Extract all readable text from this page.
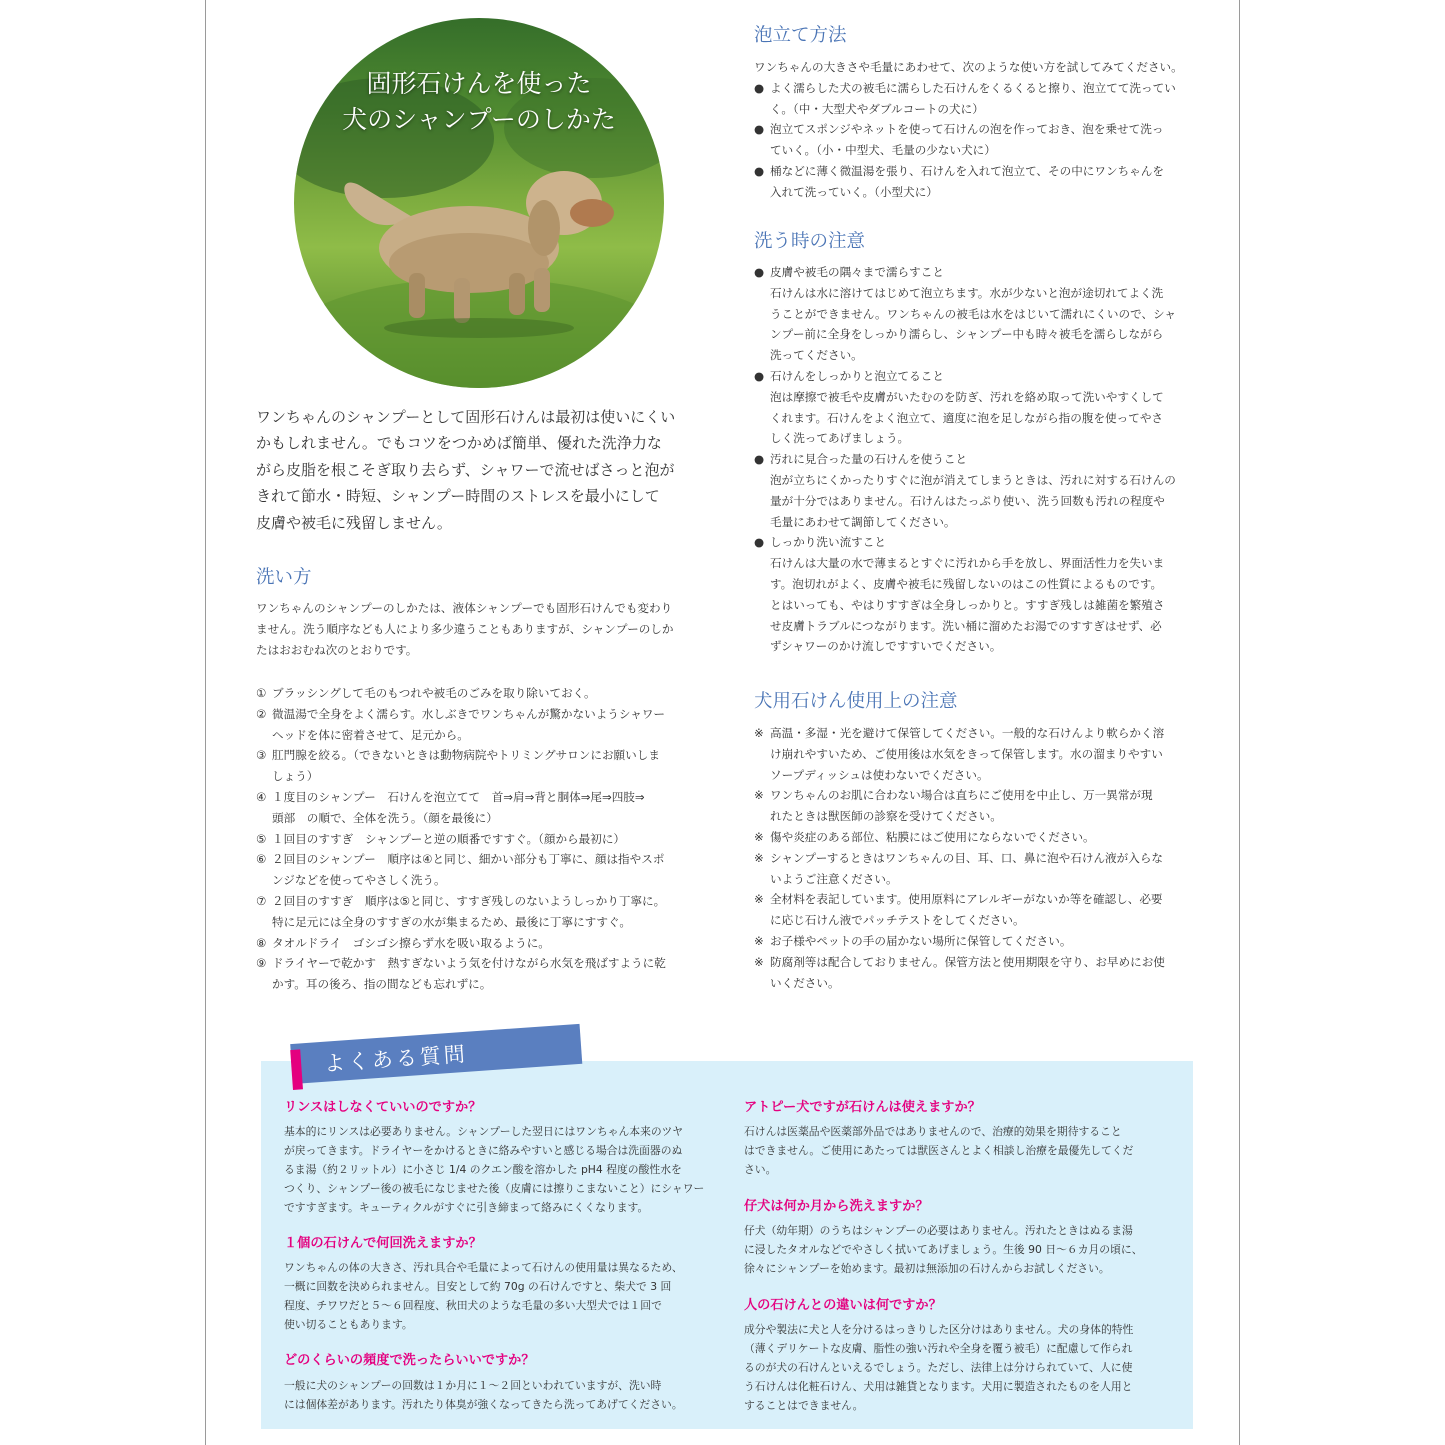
固形石けんを使った
犬のシャンプーのしかた
ワンちゃんのシャンプーとして固形石けんは最初は使いにくい
かもしれません。でもコツをつかめば簡単、優れた洗浄力な
がら皮脂を根こそぎ取り去らず、シャワーで流せばさっと泡が
きれて節水・時短、シャンプー時間のストレスを最小にして
皮膚や被毛に残留しません。
洗い方
ワンちゃんのシャンプーのしかたは、液体シャンプーでも固形石けんでも変わり
ません。洗う順序なども人により多少違うこともありますが、シャンプーのしか
たはおおむね次のとおりです。
① ブラッシングして毛のもつれや被毛のごみを取り除いておく。
② 微温湯で全身をよく濡らす。水しぶきでワンちゃんが驚かないようシャワー
ヘッドを体に密着させて、足元から。
③ 肛門腺を絞る。（できないときは動物病院やトリミングサロンにお願いしま
しょう）
④ １度目のシャンプー　石けんを泡立てて　首⇒肩⇒背と胴体⇒尾⇒四肢⇒
頭部　の順で、全体を洗う。（顔を最後に）
⑤ １回目のすすぎ　シャンプーと逆の順番ですすぐ。（顔から最初に）
⑥ ２回目のシャンプー　順序は④と同じ、細かい部分も丁寧に、顔は指やスポ
ンジなどを使ってやさしく洗う。
⑦ ２回目のすすぎ　順序は⑤と同じ、すすぎ残しのないようしっかり丁寧に。
特に足元には全身のすすぎの水が集まるため、最後に丁寧にすすぐ。
⑧ タオルドライ　ゴシゴシ擦らず水を吸い取るように。
⑨ ドライヤーで乾かす　熱すぎないよう気を付けながら水気を飛ばすように乾
かす。耳の後ろ、指の間なども忘れずに。
泡立て方法
ワンちゃんの大きさや毛量にあわせて、次のような使い方を試してみてください。
● よく濡らした犬の被毛に濡らした石けんをくるくると擦り、泡立てて洗ってい
く。（中・大型犬やダブルコートの犬に）
● 泡立てスポンジやネットを使って石けんの泡を作っておき、泡を乗せて洗っ
ていく。（小・中型犬、毛量の少ない犬に）
● 桶などに薄く微温湯を張り、石けんを入れて泡立て、その中にワンちゃんを
入れて洗っていく。（小型犬に）
洗う時の注意
● 皮膚や被毛の隅々まで濡らすこと
石けんは水に溶けてはじめて泡立ちます。水が少ないと泡が途切れてよく洗
うことができません。ワンちゃんの被毛は水をはじいて濡れにくいので、シャ
ンプー前に全身をしっかり濡らし、シャンプー中も時々被毛を濡らしながら
洗ってください。
● 石けんをしっかりと泡立てること
泡は摩擦で被毛や皮膚がいたむのを防ぎ、汚れを絡め取って洗いやすくして
くれます。石けんをよく泡立て、適度に泡を足しながら指の腹を使ってやさ
しく洗ってあげましょう。
● 汚れに見合った量の石けんを使うこと
泡が立ちにくかったりすぐに泡が消えてしまうときは、汚れに対する石けんの
量が十分ではありません。石けんはたっぷり使い、洗う回数も汚れの程度や
毛量にあわせて調節してください。
● しっかり洗い流すこと
石けんは大量の水で薄まるとすぐに汚れから手を放し、界面活性力を失いま
す。泡切れがよく、皮膚や被毛に残留しないのはこの性質によるものです。
とはいっても、やはりすすぎは全身しっかりと。すすぎ残しは雑菌を繁殖さ
せ皮膚トラブルにつながります。洗い桶に溜めたお湯でのすすぎはせず、必
ずシャワーのかけ流しですすいでください。
犬用石けん使用上の注意
※ 高温・多湿・光を避けて保管してください。一般的な石けんより軟らかく溶
け崩れやすいため、ご使用後は水気をきって保管します。水の溜まりやすい
ソープディッシュは使わないでください。
※ ワンちゃんのお肌に合わない場合は直ちにご使用を中止し、万一異常が現
れたときは獣医師の診察を受けてください。
※ 傷や炎症のある部位、粘膜にはご使用にならないでください。
※ シャンプーするときはワンちゃんの目、耳、口、鼻に泡や石けん液が入らな
いようご注意ください。
※ 全材料を表記しています。使用原料にアレルギーがないか等を確認し、必要
に応じ石けん液でパッチテストをしてください。
※ お子様やペットの手の届かない場所に保管してください。
※ 防腐剤等は配合しておりません。保管方法と使用期限を守り、お早めにお使
いください。
よくある質問
リンスはしなくていいのですか？
基本的にリンスは必要ありません。シャンプーした翌日にはワンちゃん本来のツヤ
が戻ってきます。ドライヤーをかけるときに絡みやすいと感じる場合は洗面器のぬ
るま湯（約２リットル）に小さじ 1/4 のクエン酸を溶かした pH4 程度の酸性水を
つくり、シャンプー後の被毛になじませた後（皮膚には擦りこまないこと）にシャワー
ですすぎます。キューティクルがすぐに引き締まって絡みにくくなります。
１個の石けんで何回洗えますか？
ワンちゃんの体の大きさ、汚れ具合や毛量によって石けんの使用量は異なるため、
一概に回数を決められません。目安として約 70g の石けんですと、柴犬で 3 回
程度、チワワだと５～６回程度、秋田犬のような毛量の多い大型犬では１回で
使い切ることもあります。
どのくらいの頻度で洗ったらいいですか？
一般に犬のシャンプーの回数は１か月に１～２回といわれていますが、洗い時
には個体差があります。汚れたり体臭が強くなってきたら洗ってあげてください。
アトピー犬ですが石けんは使えますか？
石けんは医薬品や医薬部外品ではありませんので、治療的効果を期待すること
はできません。ご使用にあたっては獣医さんとよく相談し治療を最優先してくだ
さい。
仔犬は何か月から洗えますか？
仔犬（幼年期）のうちはシャンプーの必要はありません。汚れたときはぬるま湯
に浸したタオルなどでやさしく拭いてあげましょう。生後 90 日～６カ月の頃に、
徐々にシャンプーを始めます。最初は無添加の石けんからお試しください。
人の石けんとの違いは何ですか？
成分や製法に犬と人を分けるはっきりした区分けはありません。犬の身体的特性
（薄くデリケートな皮膚、脂性の強い汚れや全身を覆う被毛）に配慮して作られ
るのが犬の石けんといえるでしょう。ただし、法律上は分けられていて、人に使
う石けんは化粧石けん、犬用は雑貨となります。犬用に製造されたものを人用と
することはできません。
